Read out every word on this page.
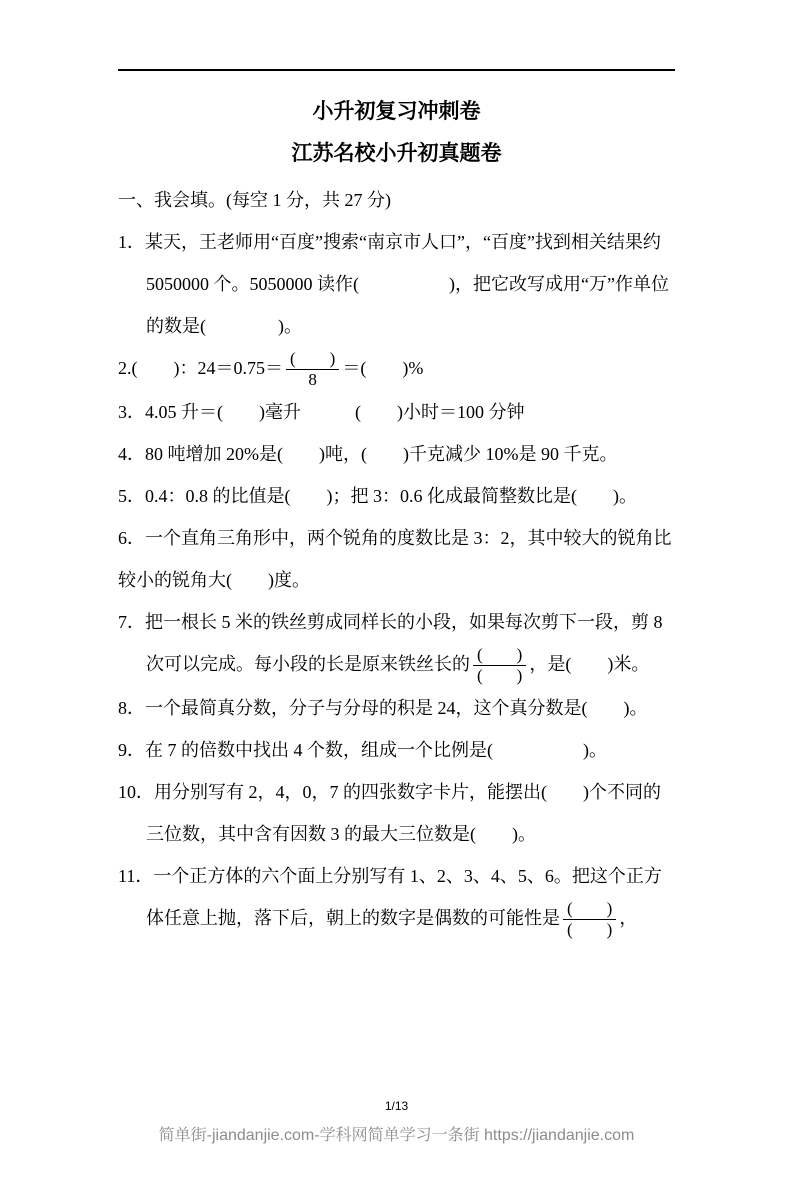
小升初复习冲刺卷
江苏名校小升初真题卷
一、我会填。(每空 1 分，共 27 分)

1．某天，王老师用“百度”搜索“南京市人口”，“百度”找到相关结果约 5050000 个。5050000 读作(　　　　　)，把它改写成用“万”作单位的数是(　　　　)。

2.(　　)：$24=0.75= \frac{( )}{8}$ ＝(　　)%

3．4.05 升＝(　　)毫升　　　(　　)小时＝100 分钟

4．80 吨增加 20%是(　　)吨，(　　)千克减少 10%是 90 千克。

5．0.4：0.8 的比值是(　　)；把 3：0.6 化成最简整数比是(　　)。

6．一个直角三角形中，两个锐角的度数比是 3：2，其中较大的锐角比较小的锐角大(　　)度。

7．把一根长 5 米的铁丝剪成同样长的小段，如果每次剪下一段，剪 8 次可以完成。每小段的长是原来铁丝长的 $\frac{( )}{( )}$ ，是(　　)米。

8．一个最简真分数，分子与分母的积是 24，这个真分数是(　　)。

9．在 7 的倍数中找出 4 个数，组成一个比例是(　　　　　)。

10．用分别写有 2，4，0，7 的四张数字卡片，能摆出(　　)个不同的三位数，其中含有因数 3 的最大三位数是(　　)。

11．一个正方体的六个面上分别写有 1、2、3、4、5、6。把这个正方体任意上抛，落下后，朝上的数字是偶数的可能性是 $\frac{( )}{( )}$ ，

1/13
简单街-jiandanjie.com-学科网简单学习一条街 https://jiandanjie.com
